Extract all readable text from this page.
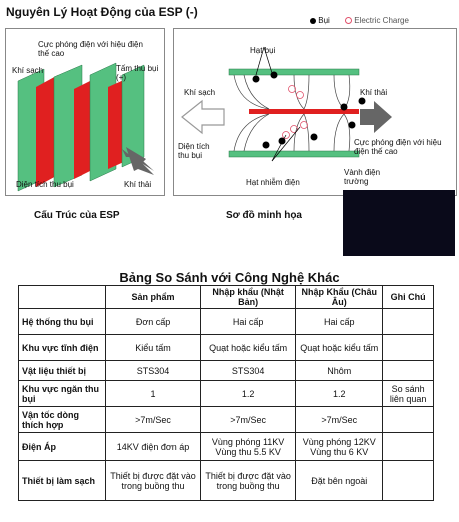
Nguyên Lý Hoạt Động của ESP (-)
Bụi	Electric Charge
Cực phóng điện với hiệu điện thế cao
Khí sạch	Tấm thu bụi (+)
Diện tích thu bụi	Khí thải
Cấu Trúc của ESP
Hạt bụi
Khí sạch	Khí thải
Diện tích thu bụi
Cực phóng điện với hiệu điện thế cao
Hạt nhiễm điện
Vành điện trường
Sơ đồ minh họa
Bảng So Sánh với Công Nghệ Khác
	Sản phẩm	Nhập khẩu (Nhật Bản)	Nhập Khẩu (Châu Âu)	Ghi Chú
Hệ thống thu bụi	Đơn cấp	Hai cấp	Hai cấp	
Khu vực tĩnh điện	Kiểu tấm	Quạt hoặc kiểu tấm	Quạt hoặc kiểu tấm	
Vật liệu thiết bị	STS304	STS304	Nhôm	
Khu vực ngăn thu bụi	1	1.2	1.2	So sánh liên quan
Vận tốc dòng thích hợp	>7m/Sec	>7m/Sec	>7m/Sec	
Điện Áp	14KV điện đơn áp	Vùng phóng 11KV Vùng thu 5.5 KV	Vùng phóng 12KV Vùng thu 6 KV	
Thiết bị làm sạch	Thiết bị được đặt vào trong buồng thu	Thiết bị được đặt vào trong buồng thu	Đặt bên ngoài	
